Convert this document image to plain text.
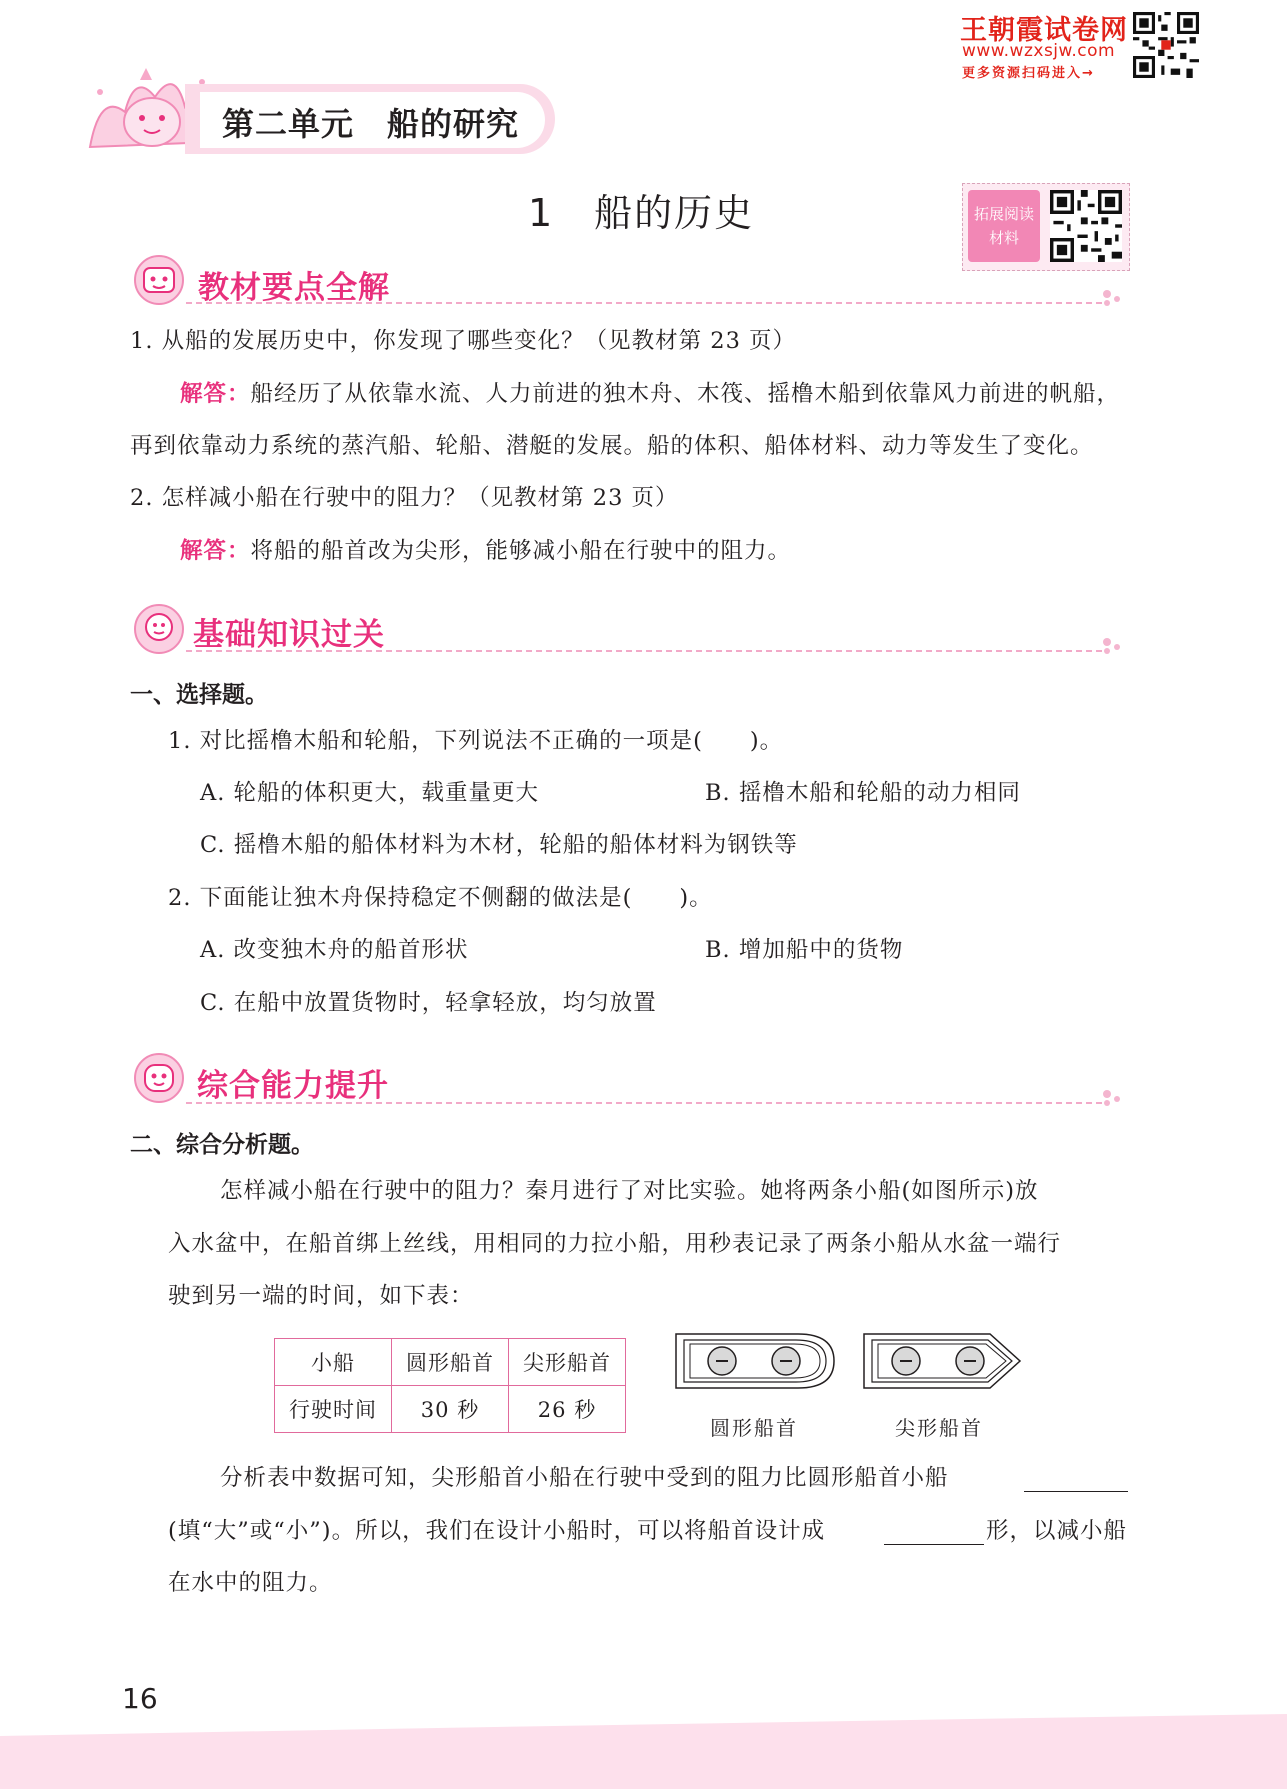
王朝霞试卷网
www.wzxsjw.com
更多资源扫码进入→
第二单元　船的研究
1　船的历史	拓展阅读材料
教材要点全解
1. 从船的发展历史中，你发现了哪些变化？（见教材第 23 页）
解答：船经历了从依靠水流、人力前进的独木舟、木筏、摇橹木船到依靠风力前进的帆船，
再到依靠动力系统的蒸汽船、轮船、潜艇的发展。船的体积、船体材料、动力等发生了变化。
2. 怎样减小船在行驶中的阻力？（见教材第 23 页）
解答：将船的船首改为尖形，能够减小船在行驶中的阻力。
基础知识过关
一、选择题。
1. 对比摇橹木船和轮船，下列说法不正确的一项是(　　)。
A. 轮船的体积更大，载重量更大	B. 摇橹木船和轮船的动力相同
C. 摇橹木船的船体材料为木材，轮船的船体材料为钢铁等
2. 下面能让独木舟保持稳定不侧翻的做法是(　　)。
A. 改变独木舟的船首形状	B. 增加船中的货物
C. 在船中放置货物时，轻拿轻放，均匀放置
综合能力提升
二、综合分析题。
怎样减小船在行驶中的阻力？秦月进行了对比实验。她将两条小船(如图所示)放
入水盆中，在船首绑上丝线，用相同的力拉小船，用秒表记录了两条小船从水盆一端行
驶到另一端的时间，如下表：
小船	圆形船首	尖形船首
行驶时间	30 秒	26 秒
圆形船首	尖形船首
分析表中数据可知，尖形船首小船在行驶中受到的阻力比圆形船首小船
(填“大”或“小”)。所以，我们在设计小船时，可以将船首设计成	形，以减小船
在水中的阻力。
16
